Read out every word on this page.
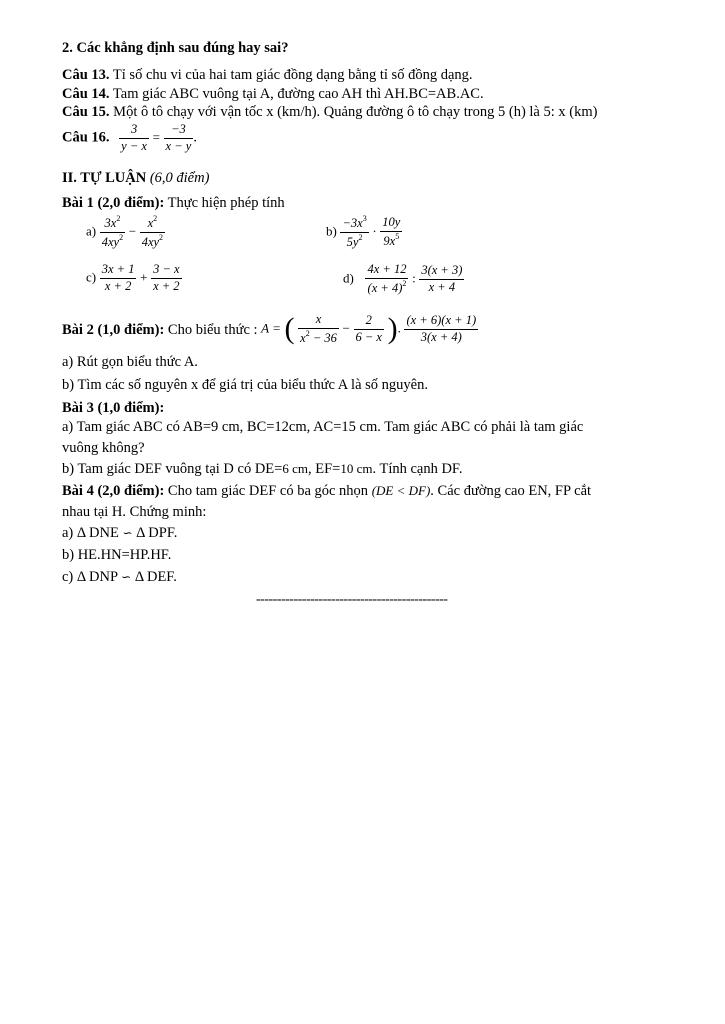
2. Các khẳng định sau đúng hay sai?
Câu 13. Tỉ số chu vi của hai tam giác đồng dạng bằng tỉ số đồng dạng.
Câu 14. Tam giác ABC vuông tại A, đường cao AH thì AH.BC=AB.AC.
Câu 15. Một ô tô chạy với vận tốc x (km/h). Quảng đường ô tô chạy trong 5 (h) là 5: x (km)
Câu 16. $\frac{3}{y - x} = \frac{-3}{x - y}$ .
II. TỰ LUẬN (6,0 điểm)
Bài 1 (2,0 điểm): Thực hiện phép tính
$a) \frac{3x^2}{4xy^2} - \frac{x^2}{4xy^2}$	$b) \frac{-3x^3}{5y^2} \cdot \frac{10y}{9x^5}$
$c) \frac{3x + 1}{x + 2} + \frac{3 - x}{x + 2}$	$d) \frac{4x + 12}{(x + 4)^2}$ : $\frac{3(x + 3)}{x + 4}$
Bài 2 (1,0 điểm): Cho biểu thức : A = ( $\frac{x}{x^2 - 36} - \frac{2}{6 - x}$ ). $\frac{(x + 6)(x + 1)}{3(x + 4)}$
a) Rút gọn biểu thức A.
b) Tìm các số nguyên x để giá trị của biểu thức A là số nguyên.
Bài 3 (1,0 điểm):
a) Tam giác ABC có AB=9 cm, BC=12cm, AC=15 cm. Tam giác ABC có phải là tam giác
vuông không?
b) Tam giác DEF vuông tại D có DE=6 cm, EF=10 cm. Tính cạnh DF.
Bài 4 (2,0 điểm): Cho tam giác DEF có ba góc nhọn (DE < DF). Các đường cao EN, FP cắt
nhau tại H. Chứng minh:
a) Δ DNE ∽ Δ DPF.
b) HE.HN=HP.HF.
c) Δ DNP ∽ Δ DEF.
----------------------------------------------
